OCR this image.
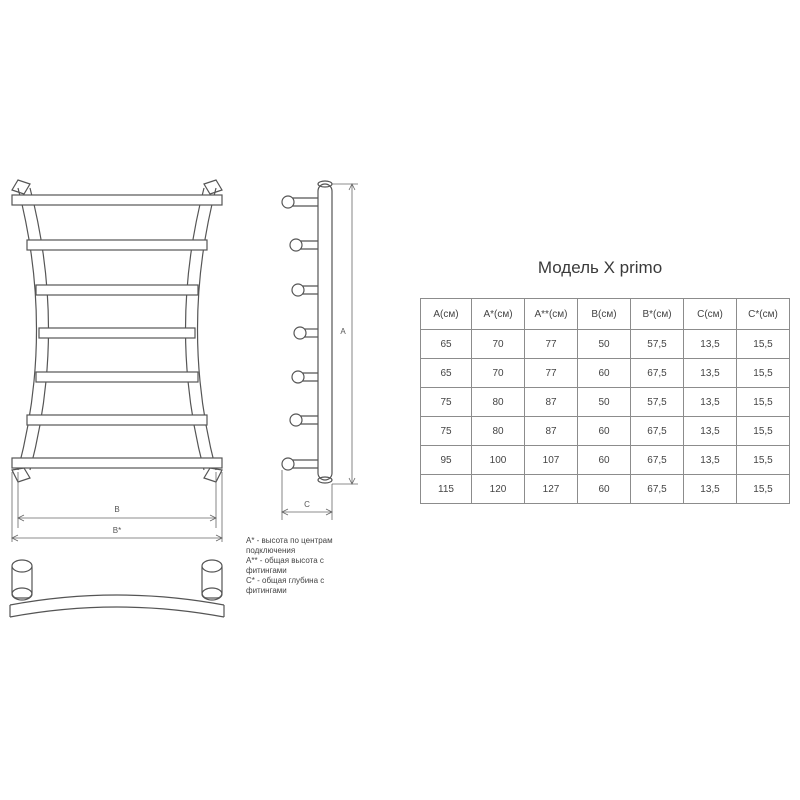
B
B*
A
C
Модель X primo
A(см)	A*(см)	A**(см)	B(см)	B*(см)	C(см)	C*(см)
65	70	77	50	57,5	13,5	15,5
65	70	77	60	67,5	13,5	15,5
75	80	87	50	57,5	13,5	15,5
75	80	87	60	67,5	13,5	15,5
95	100	107	60	67,5	13,5	15,5
115	120	127	60	67,5	13,5	15,5
A* - высота по центрам
подключения
A** - общая высота с
фитингами
C* - общая глубина с
фитингами
